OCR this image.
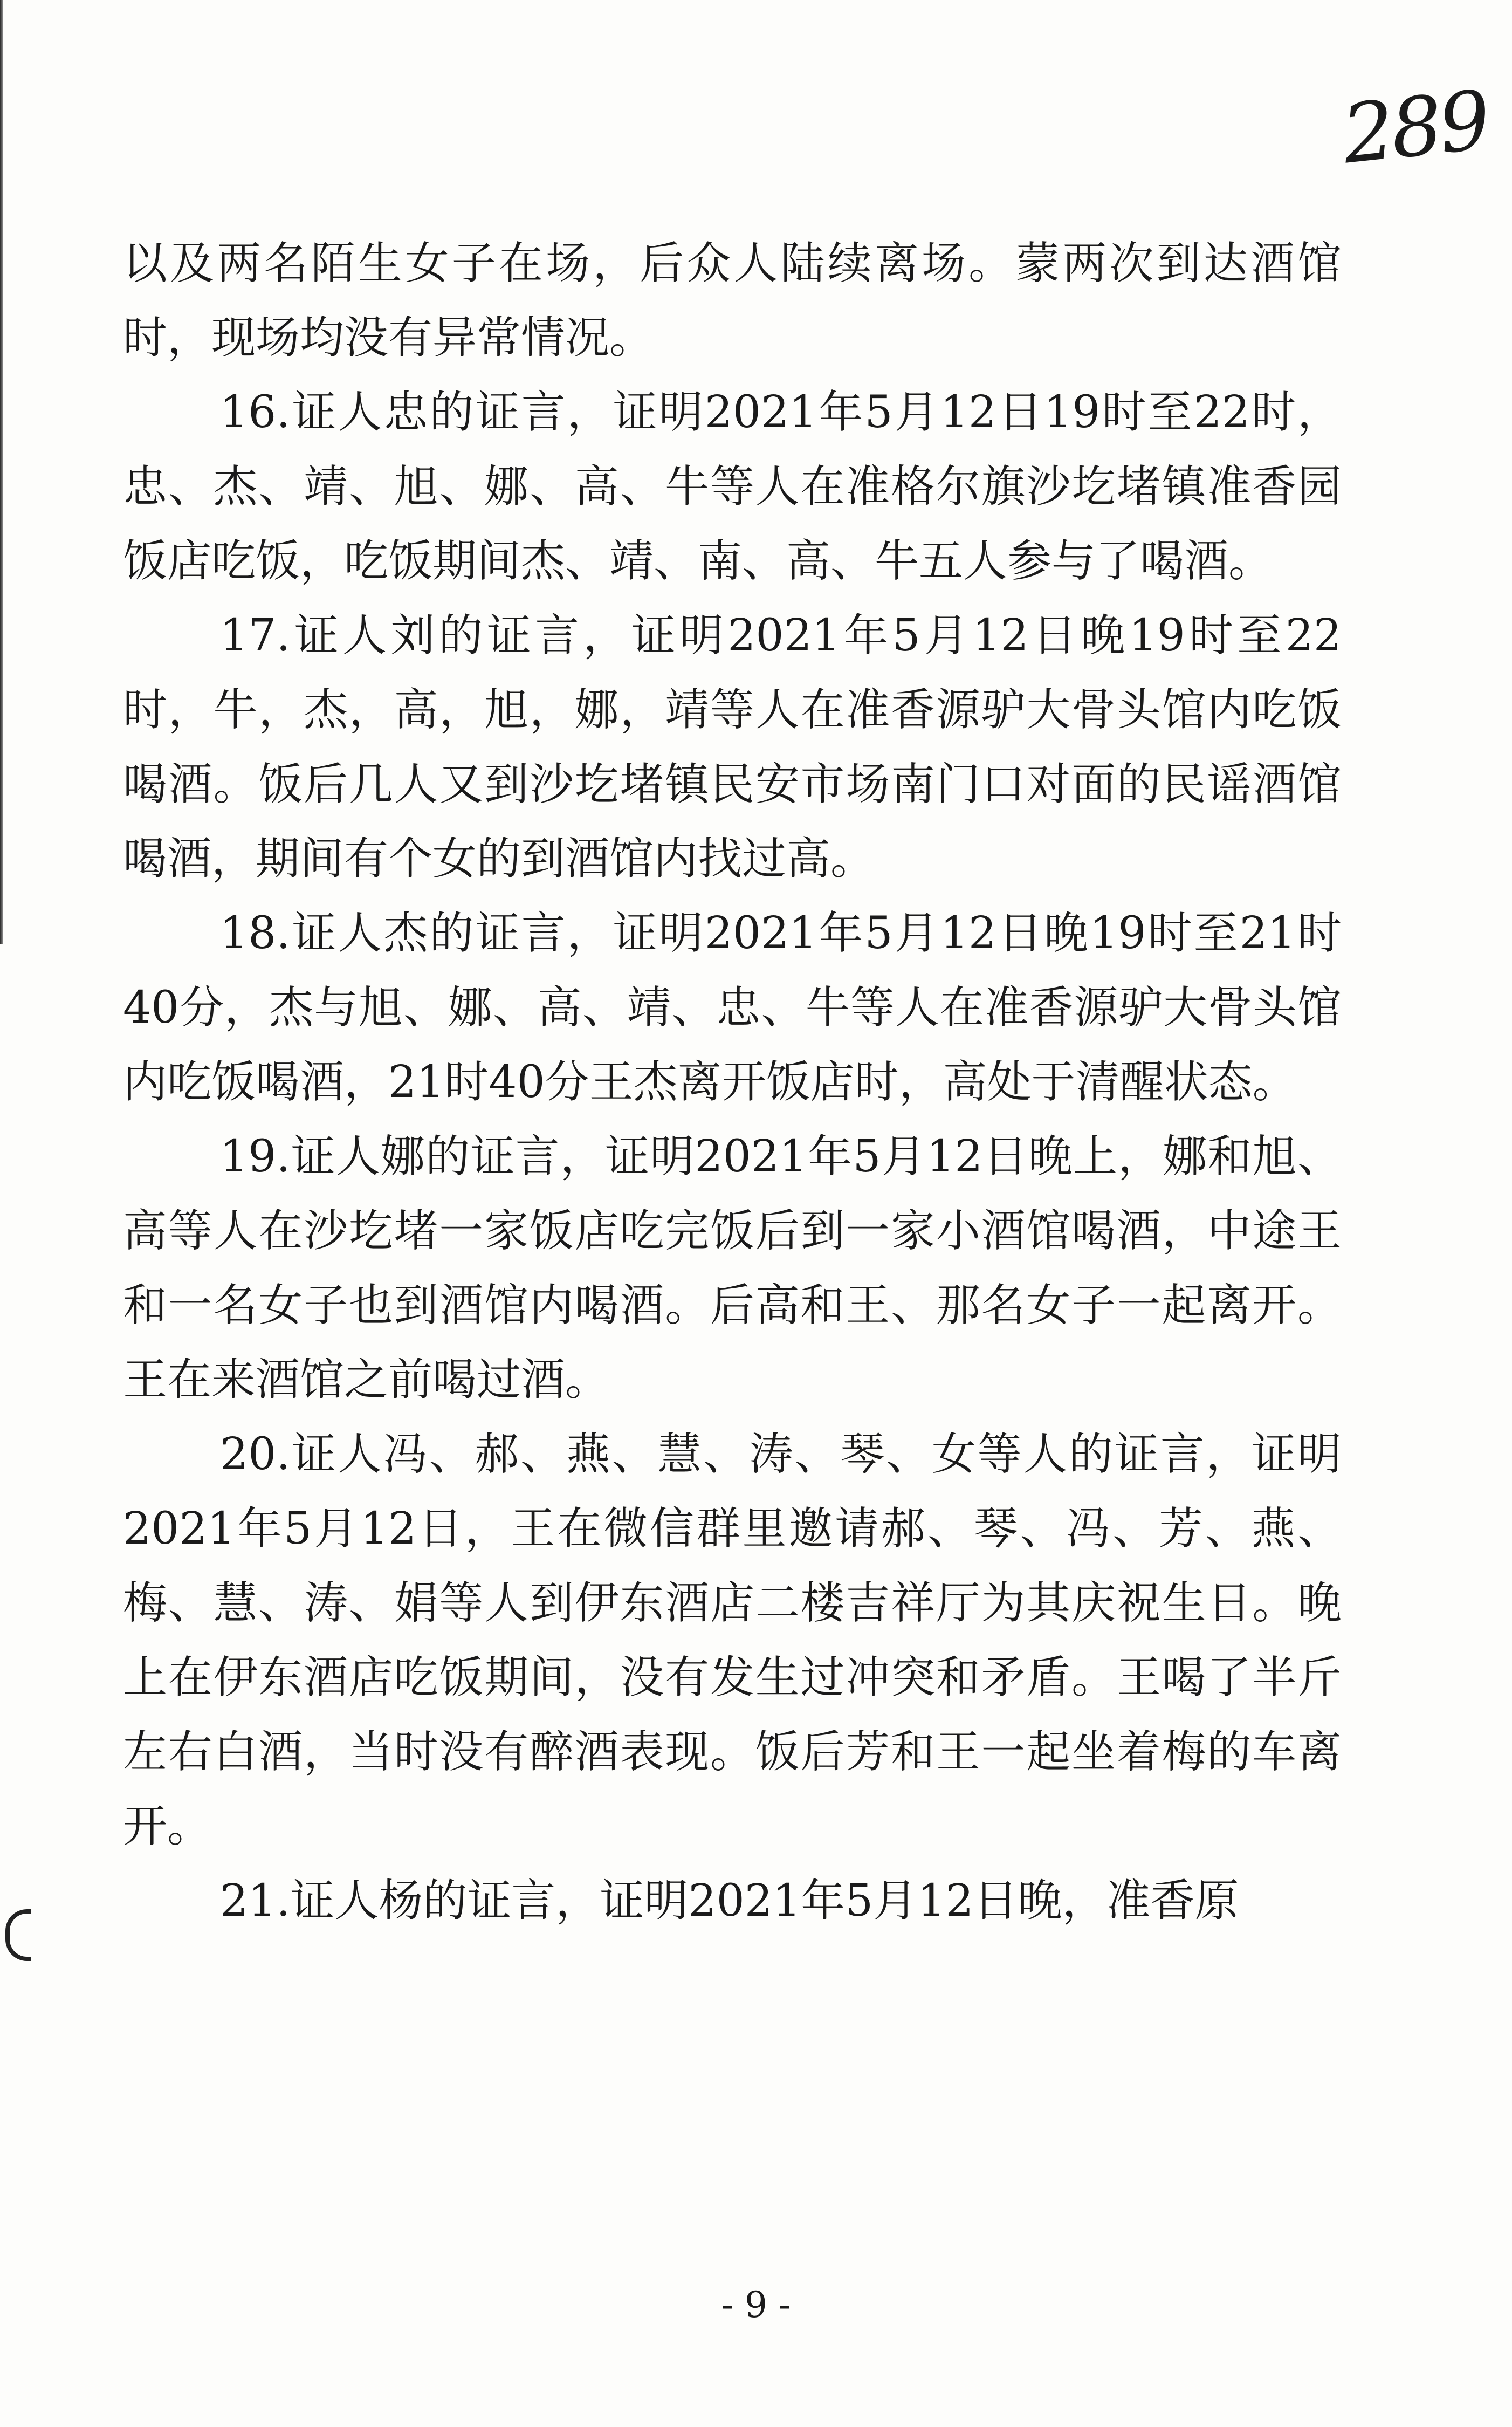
289

以及两名陌生女子在场，后众人陆续离场。蒙两次到达酒馆时，现场均没有异常情况。

16.证人忠的证言，证明2021年5月12日19时至22时，忠、杰、靖、旭、娜、高、牛等人在准格尔旗沙圪堵镇准香园饭店吃饭，吃饭期间杰、靖、南、高、牛五人参与了喝酒。

17.证人刘的证言，证明2021年5月12日晚19时至22时，牛，杰，高，旭，娜，靖等人在准香源驴大骨头馆内吃饭喝酒。饭后几人又到沙圪堵镇民安市场南门口对面的民谣酒馆喝酒，期间有个女的到酒馆内找过高。

18.证人杰的证言，证明2021年5月12日晚19时至21时40分，杰与旭、娜、高、靖、忠、牛等人在准香源驴大骨头馆内吃饭喝酒，21时40分王杰离开饭店时，高处于清醒状态。

19.证人娜的证言，证明2021年5月12日晚上，娜和旭、高等人在沙圪堵一家饭店吃完饭后到一家小酒馆喝酒，中途王和一名女子也到酒馆内喝酒。后高和王、那名女子一起离开。王在来酒馆之前喝过酒。

20.证人冯、郝、燕、慧、涛、琴、女等人的证言，证明2021年5月12日，王在微信群里邀请郝、琴、冯、芳、燕、梅、慧、涛、娟等人到伊东酒店二楼吉祥厅为其庆祝生日。晚上在伊东酒店吃饭期间，没有发生过冲突和矛盾。王喝了半斤左右白酒，当时没有醉酒表现。饭后芳和王一起坐着梅的车离开。

21.证人杨的证言，证明2021年5月12日晚，准香原

- 9 -
